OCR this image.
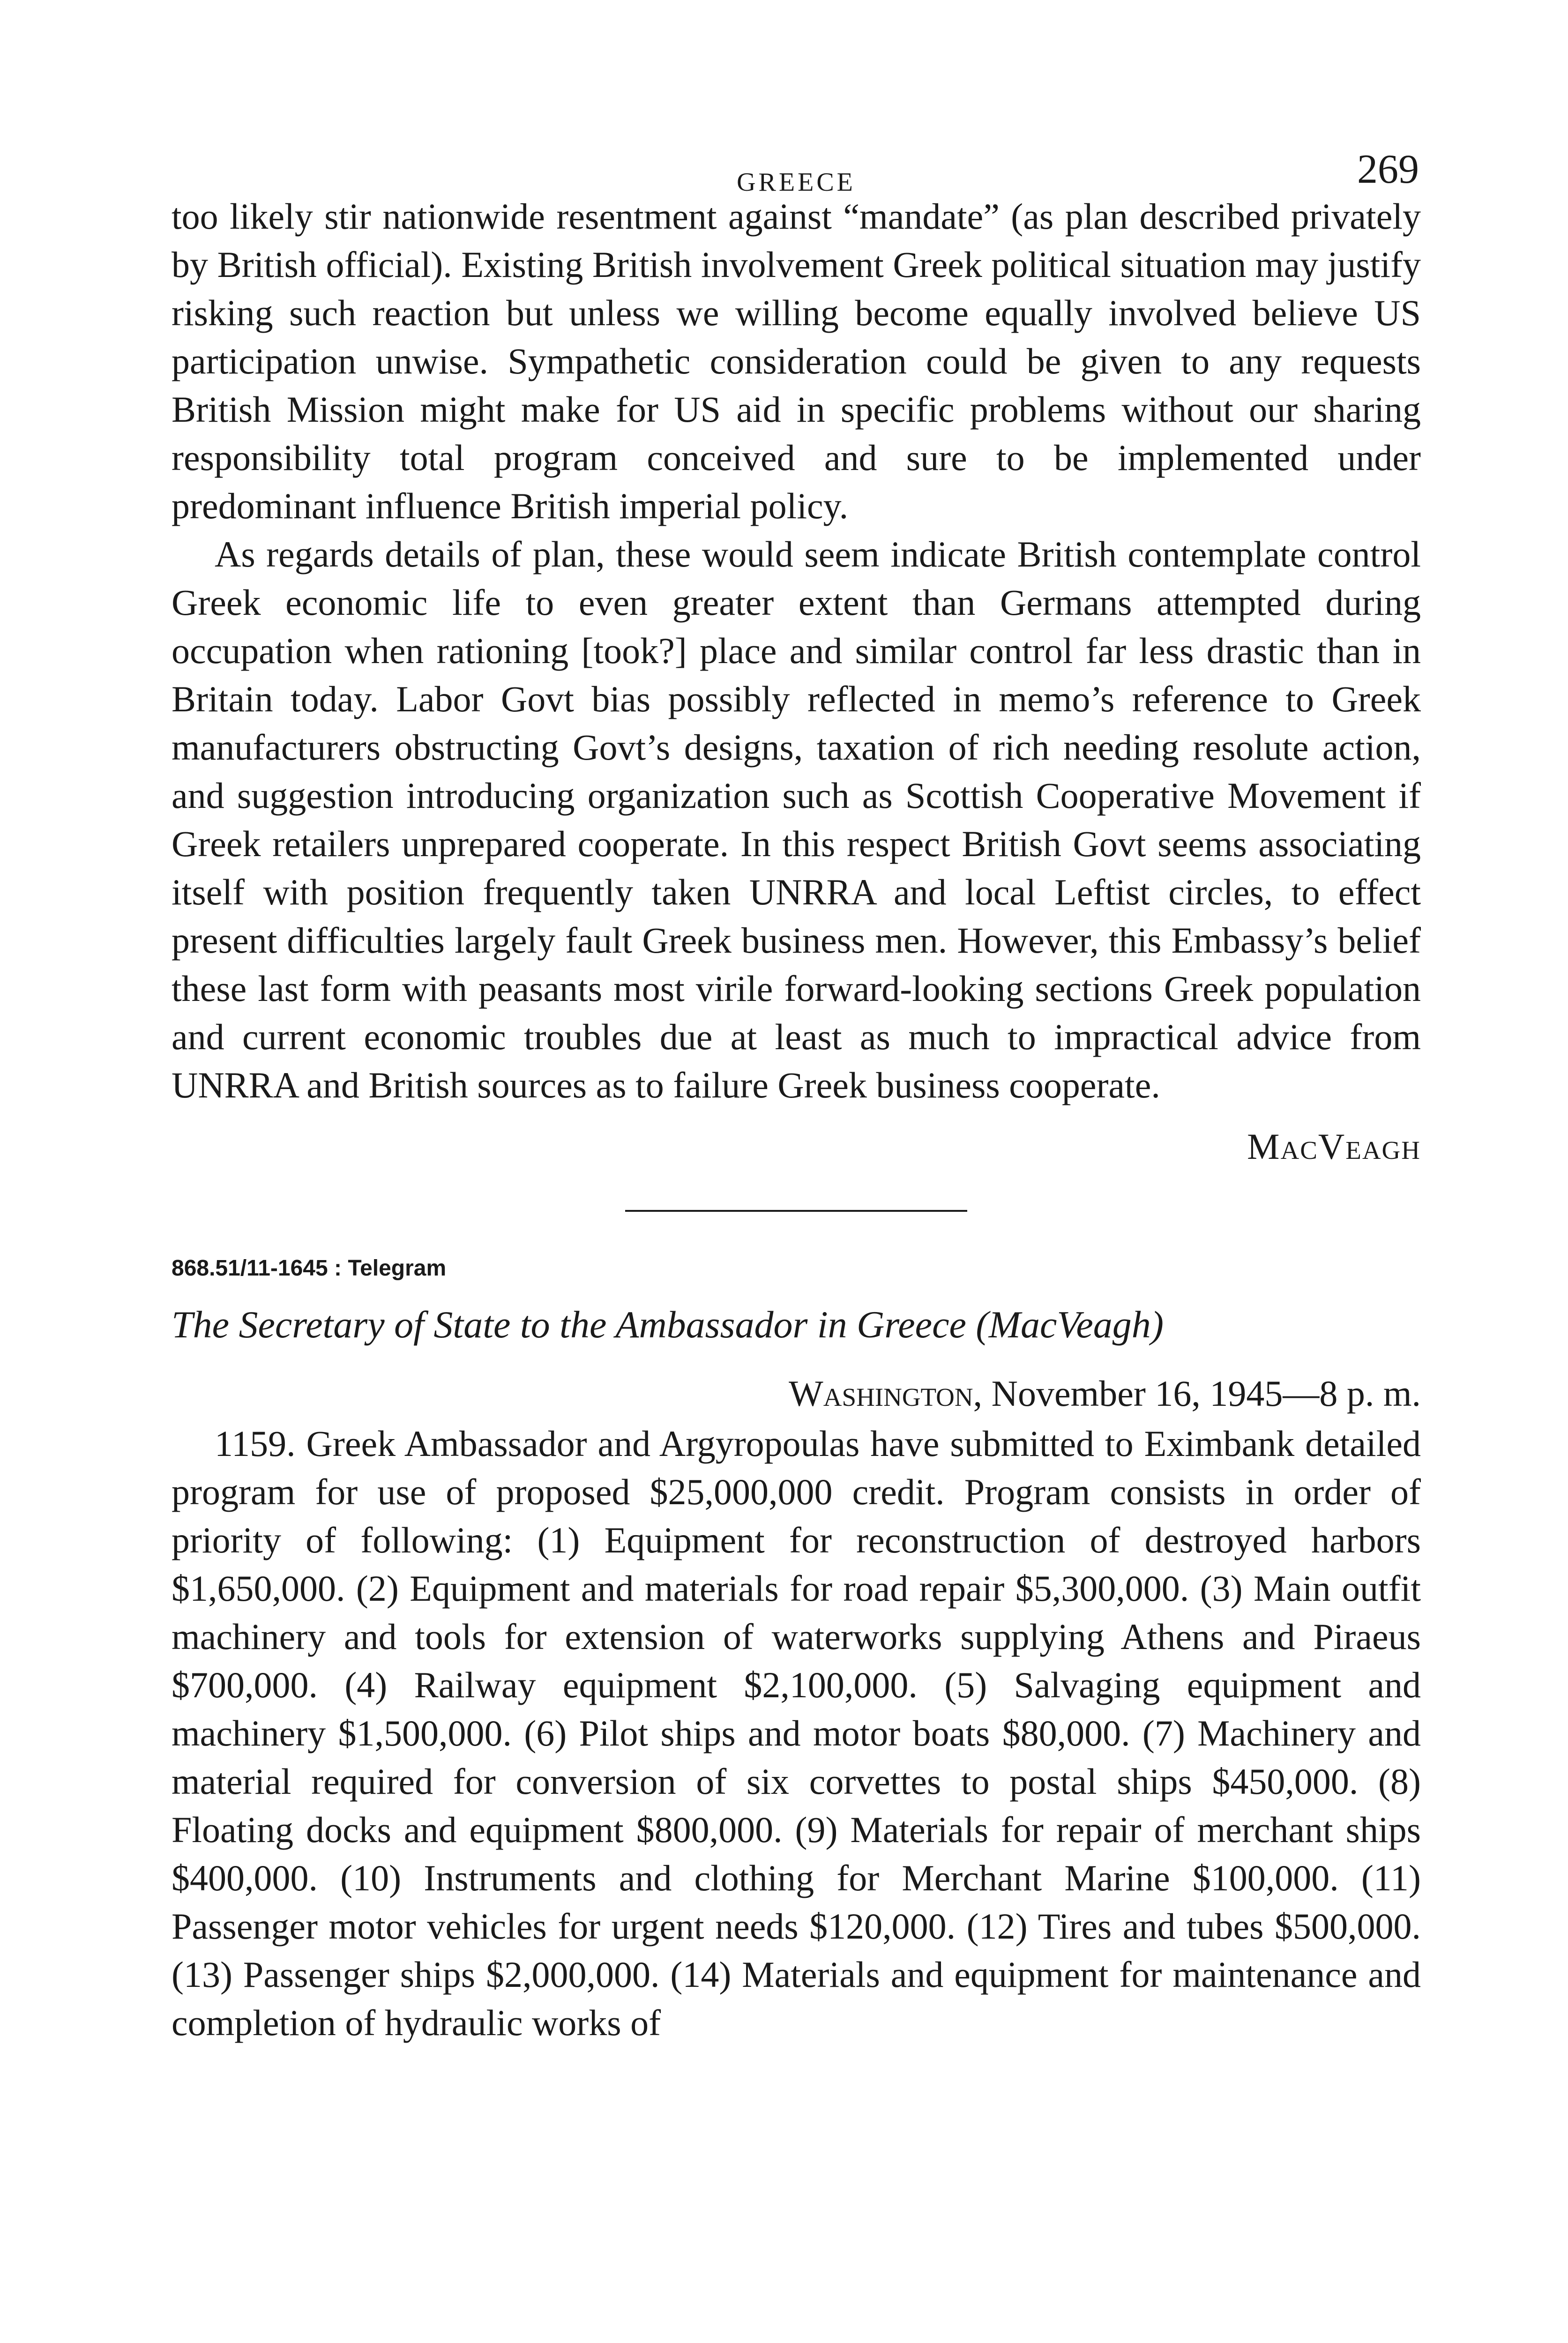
GREECE	269

too likely stir nationwide resentment against “mandate” (as plan described privately by British official). Existing British involvement Greek political situation may justify risking such reaction but unless we willing become equally involved believe US participation unwise. Sympathetic consideration could be given to any requests British Mission might make for US aid in specific problems without our sharing responsibility total program conceived and sure to be implemented under predominant influence British imperial policy.

As regards details of plan, these would seem indicate British contemplate control Greek economic life to even greater extent than Germans attempted during occupation when rationing [took?] place and similar control far less drastic than in Britain today. Labor Govt bias possibly reflected in memo’s reference to Greek manufacturers obstructing Govt’s designs, taxation of rich needing resolute action, and suggestion introducing organization such as Scottish Cooperative Movement if Greek retailers unprepared cooperate. In this respect British Govt seems associating itself with position frequently taken UNRRA and local Leftist circles, to effect present difficulties largely fault Greek business men. However, this Embassy’s belief these last form with peasants most virile forward-looking sections Greek population and current economic troubles due at least as much to impractical advice from UNRRA and British sources as to failure Greek business cooperate.

MacVeagh
868.51/11-1645 : Telegram
The Secretary of State to the Ambassador in Greece (MacVeagh)
Washington, November 16, 1945—8 p. m.

1159. Greek Ambassador and Argyropoulas have submitted to Eximbank detailed program for use of proposed $25,000,000 credit. Program consists in order of priority of following: (1) Equipment for reconstruction of destroyed harbors $1,650,000. (2) Equipment and materials for road repair $5,300,000. (3) Main outfit machinery and tools for extension of waterworks supplying Athens and Piraeus $700,000. (4) Railway equipment $2,100,000. (5) Salvaging equipment and machinery $1,500,000. (6) Pilot ships and motor boats $80,000. (7) Machinery and material required for conversion of six corvettes to postal ships $450,000. (8) Floating docks and equipment $800,000. (9) Materials for repair of merchant ships $400,000. (10) Instruments and clothing for Merchant Marine $100,000. (11) Passenger motor vehicles for urgent needs $120,000. (12) Tires and tubes $500,000. (13) Passenger ships $2,000,000. (14) Materials and equipment for maintenance and completion of hydraulic works of
